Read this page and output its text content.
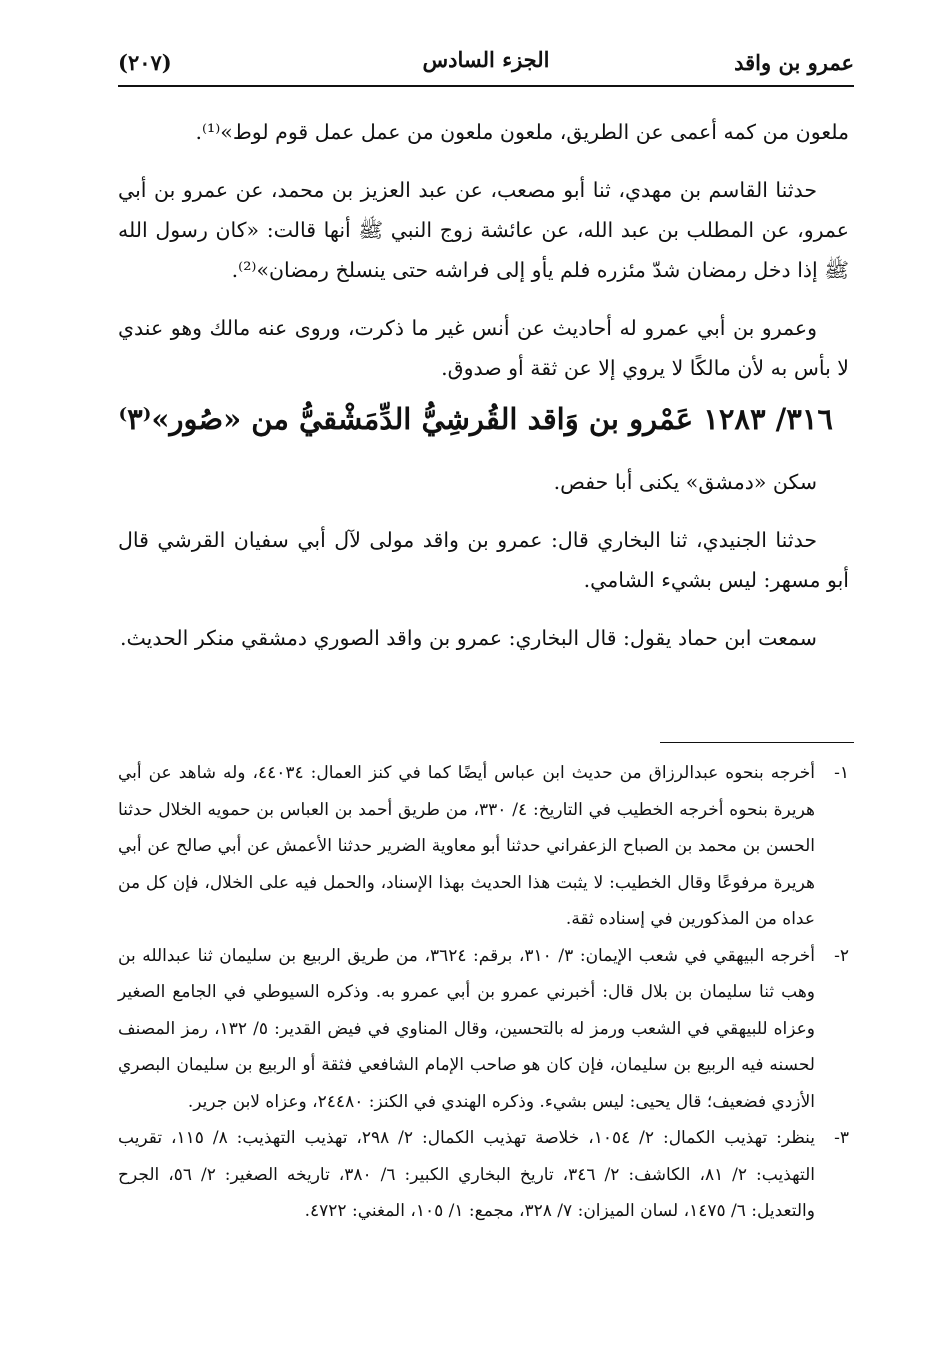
عمرو بن واقد
الجزء السادس
(٢٠٧)

ملعون من كمه أعمى عن الطريق، ملعون ملعون من عمل عمل قوم لوط»⁽¹⁾.

حدثنا القاسم بن مهدي، ثنا أبو مصعب، عن عبد العزيز بن محمد، عن عمرو بن أبي عمرو، عن المطلب بن عبد الله، عن عائشة زوج النبي ﷺ أنها قالت: «كان رسول الله ﷺ إذا دخل رمضان شدّ مئزره فلم يأو إلى فراشه حتى ينسلخ رمضان»⁽²⁾.

وعمرو بن أبي عمرو له أحاديث عن أنس غير ما ذكرت، وروى عنه مالك وهو عندي لا بأس به لأن مالكًا لا يروي إلا عن ثقة أو صدوق.

٣١٦/ ١٢٨٣ عَمْرو بن وَاقد القُرشِيُّ الدِّمَشْقيُّ من «صُور»⁽٣⁾

سكن «دمشق» يكنى أبا حفص.

حدثنا الجنيدي، ثنا البخاري قال: عمرو بن واقد مولى لآل أبي سفيان القرشي قال أبو مسهر: ليس بشيء الشامي.

سمعت ابن حماد يقول: قال البخاري: عمرو بن واقد الصوري دمشقي منكر الحديث.

١-
أخرجه بنحوه عبدالرزاق من حديث ابن عباس أيضًا كما في كنز العمال: ٤٤٠٣٤، وله شاهد عن أبي هريرة بنحوه أخرجه الخطيب في التاريخ: ٤/ ٣٣٠، من طريق أحمد بن العباس بن حمويه الخلال حدثنا الحسن بن محمد بن الصباح الزعفراني حدثنا أبو معاوية الضرير حدثنا الأعمش عن أبي صالح عن أبي هريرة مرفوعًا وقال الخطيب: لا يثبت هذا الحديث بهذا الإسناد، والحمل فيه على الخلال، فإن كل من عداه من المذكورين في إسناده ثقة.
٢-
أخرجه البيهقي في شعب الإيمان: ٣/ ٣١٠، برقم: ٣٦٢٤، من طريق الربيع بن سليمان ثنا عبدالله بن وهب ثنا سليمان بن بلال قال: أخبرني عمرو بن أبي عمرو به. وذكره السيوطي في الجامع الصغير وعزاه للبيهقي في الشعب ورمز له بالتحسين، وقال المناوي في فيض القدير: ٥/ ١٣٢، رمز المصنف لحسنه فيه الربيع بن سليمان، فإن كان هو صاحب الإمام الشافعي فثقة أو الربيع بن سليمان البصري الأزدي فضعيف؛ قال يحيى: ليس بشيء. وذكره الهندي في الكنز: ٢٤٤٨٠، وعزاه لابن جرير.
٣-
ينظر: تهذيب الكمال: ٢/ ١٠٥٤، خلاصة تهذيب الكمال: ٢/ ٢٩٨، تهذيب التهذيب: ٨/ ١١٥، تقريب التهذيب: ٢/ ٨١، الكاشف: ٢/ ٣٤٦، تاريخ البخاري الكبير: ٦/ ٣٨٠، تاريخه الصغير: ٢/ ٥٦، الجرح والتعديل: ٦/ ١٤٧٥، لسان الميزان: ٧/ ٣٢٨، مجمع: ١/ ١٠٥، المغني: ٤٧٢٢.
